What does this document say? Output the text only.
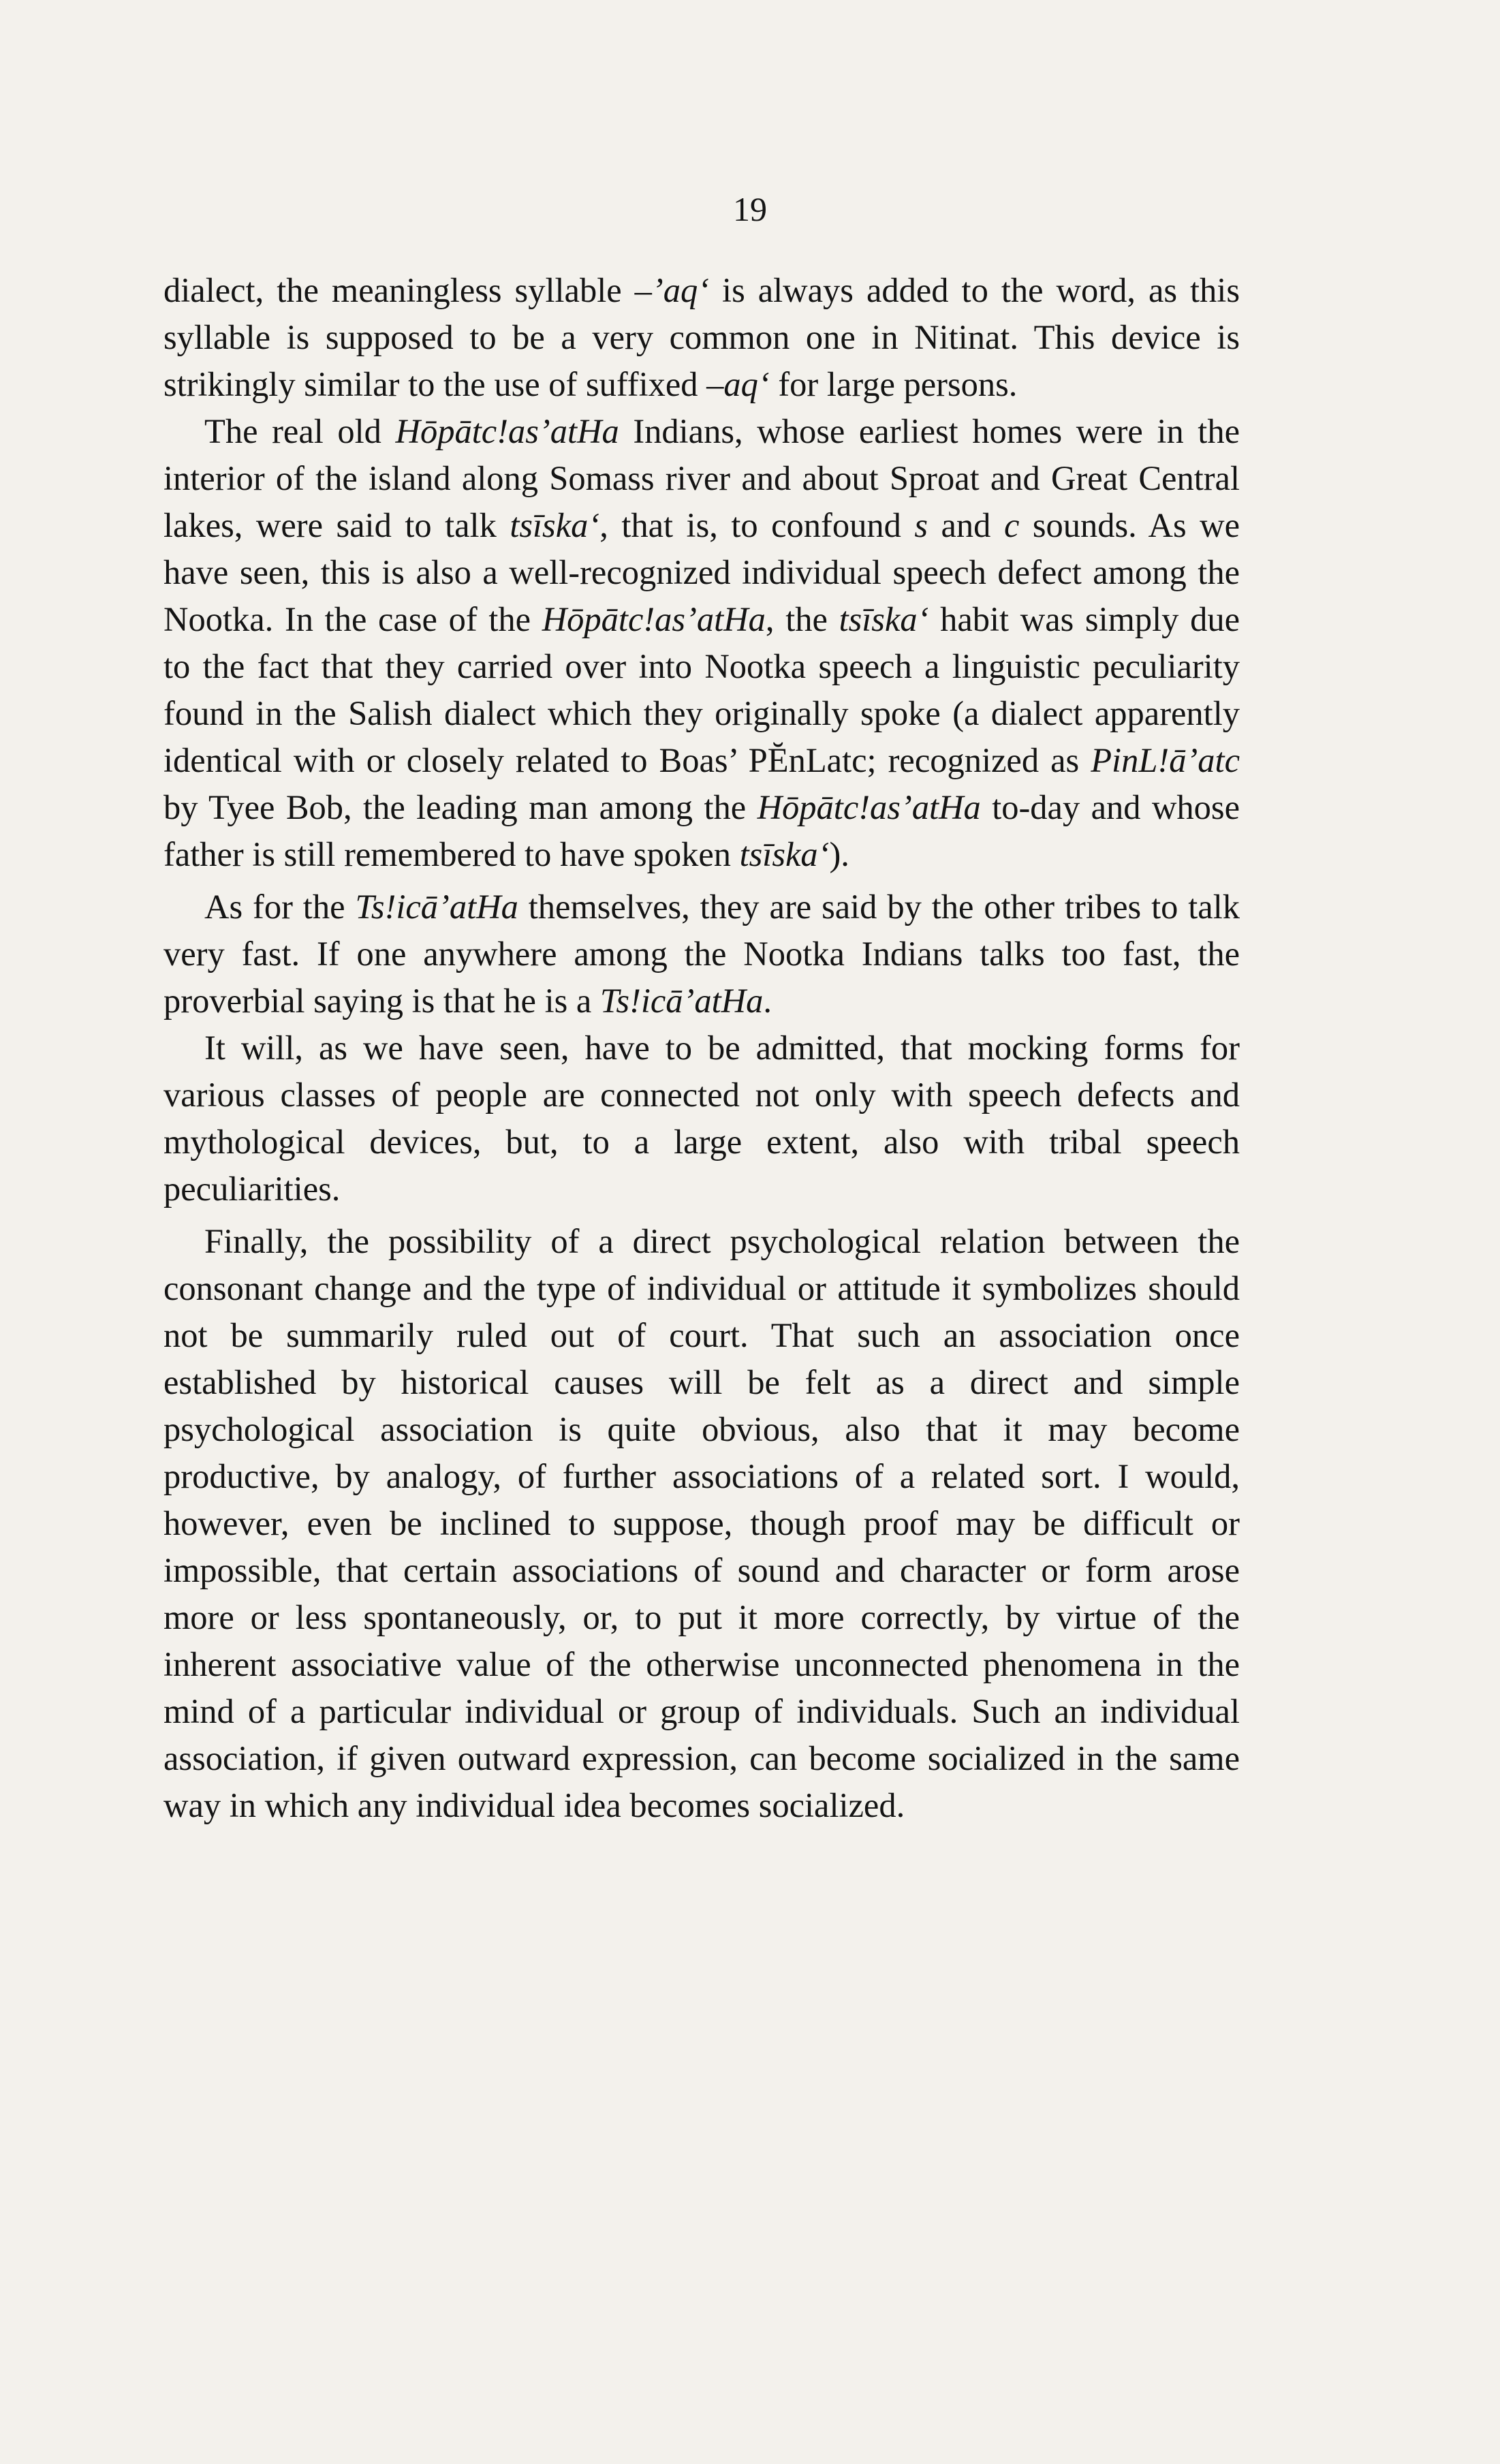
19

dialect, the meaningless syllable –’aq‘ is always added to the word, as this syllable is supposed to be a very common one in Nitinat. This device is strikingly similar to the use of suffixed –aq‘ for large persons.

The real old Hōpātc!as’atHa Indians, whose earliest homes were in the interior of the island along Somass river and about Sproat and Great Central lakes, were said to talk tsīska‘, that is, to confound s and c sounds. As we have seen, this is also a well-recognized individual speech defect among the Nootka. In the case of the Hōpātc!as’atHa, the tsīska‘ habit was simply due to the fact that they carried over into Nootka speech a linguistic peculiarity found in the Salish dialect which they originally spoke (a dialect apparently identical with or closely related to Boas’ PĔnLatc; recognized as PinL!ā’atc by Tyee Bob, the leading man among the Hōpātc!as’atHa to-day and whose father is still remembered to have spoken tsīska‘).

As for the Ts!icā’atHa themselves, they are said by the other tribes to talk very fast. If one anywhere among the Nootka Indians talks too fast, the proverbial saying is that he is a Ts!icā’atHa.

It will, as we have seen, have to be admitted, that mocking forms for various classes of people are connected not only with speech defects and mythological devices, but, to a large extent, also with tribal speech peculiarities.

Finally, the possibility of a direct psychological relation between the consonant change and the type of individual or attitude it symbolizes should not be summarily ruled out of court. That such an association once established by historical causes will be felt as a direct and simple psychological association is quite obvious, also that it may become productive, by analogy, of further associations of a related sort. I would, however, even be inclined to suppose, though proof may be difficult or impossible, that certain associations of sound and character or form arose more or less spontaneously, or, to put it more correctly, by virtue of the inherent associative value of the otherwise unconnected phenomena in the mind of a particular individual or group of individuals. Such an individual association, if given outward expression, can become socialized in the same way in which any individual idea becomes socialized.
